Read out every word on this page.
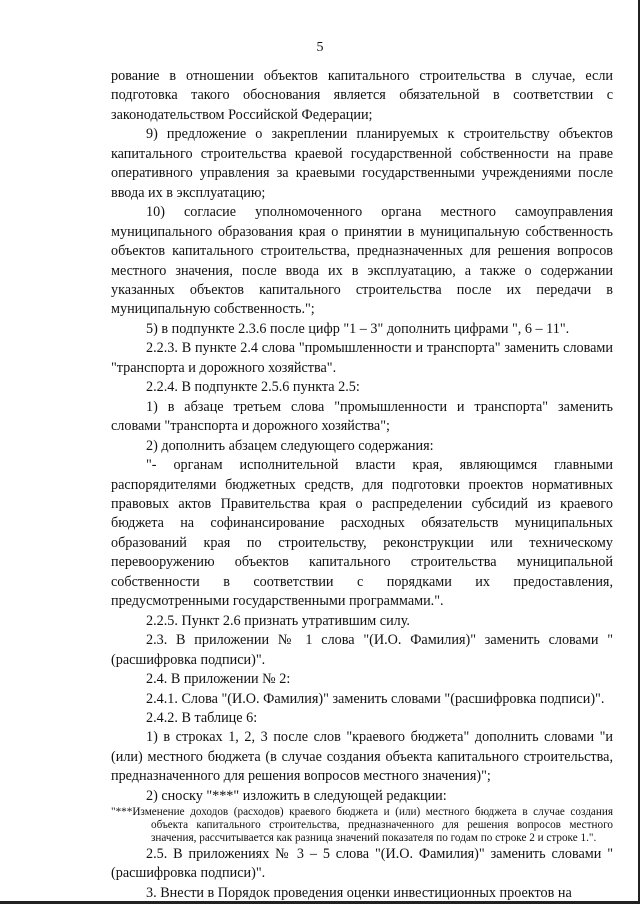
5

рование в отношении объектов капитального строительства в случае, если подготовка такого обоснования является обязательной в соответствии с законодательством Российской Федерации;

9) предложение о закреплении планируемых к строительству объектов капитального строительства краевой государственной собственности на праве оперативного управления за краевыми государственными учреждениями после ввода их в эксплуатацию;

10) согласие уполномоченного органа местного самоуправления муниципального образования края о принятии в муниципальную собственность объектов капитального строительства, предназначенных для решения вопросов местного значения, после ввода их в эксплуатацию, а также о содержании указанных объектов капитального строительства после их передачи в муниципальную собственность.";

5) в подпункте 2.3.6 после цифр "1 – 3" дополнить цифрами ", 6 – 11".

2.2.3. В пункте 2.4 слова "промышленности и транспорта" заменить словами "транспорта и дорожного хозяйства".

2.2.4. В подпункте 2.5.6 пункта 2.5:

1) в абзаце третьем слова "промышленности и транспорта" заменить словами "транспорта и дорожного хозяйства";

2) дополнить абзацем следующего содержания:

"- органам исполнительной власти края, являющимся главными распорядителями бюджетных средств, для подготовки проектов нормативных правовых актов Правительства края о распределении субсидий из краевого бюджета на софинансирование расходных обязательств муниципальных образований края по строительству, реконструкции или техническому перевооружению объектов капитального строительства муниципальной собственности в соответствии с порядками их предоставления, предусмотренными государственными программами.".

2.2.5. Пункт 2.6 признать утратившим силу.

2.3. В приложении № 1 слова "(И.О. Фамилия)" заменить словами "(расшифровка подписи)".

2.4. В приложении № 2:

2.4.1. Слова "(И.О. Фамилия)" заменить словами "(расшифровка подписи)".

2.4.2. В таблице 6:

1) в строках 1, 2, 3 после слов "краевого бюджета" дополнить словами "и (или) местного бюджета (в случае создания объекта капитального строительства, предназначенного для решения вопросов местного значения)";

2) сноску "***" изложить в следующей редакции:

"***Изменение доходов (расходов) краевого бюджета и (или) местного бюджета в случае создания объекта капитального строительства, предназначенного для решения вопросов местного значения, рассчитывается как разница значений показателя по годам по строке 2 и строке 1.".

2.5. В приложениях № 3 – 5 слова "(И.О. Фамилия)" заменить словами "(расшифровка подписи)".

3. Внести в Порядок проведения оценки инвестиционных проектов на
